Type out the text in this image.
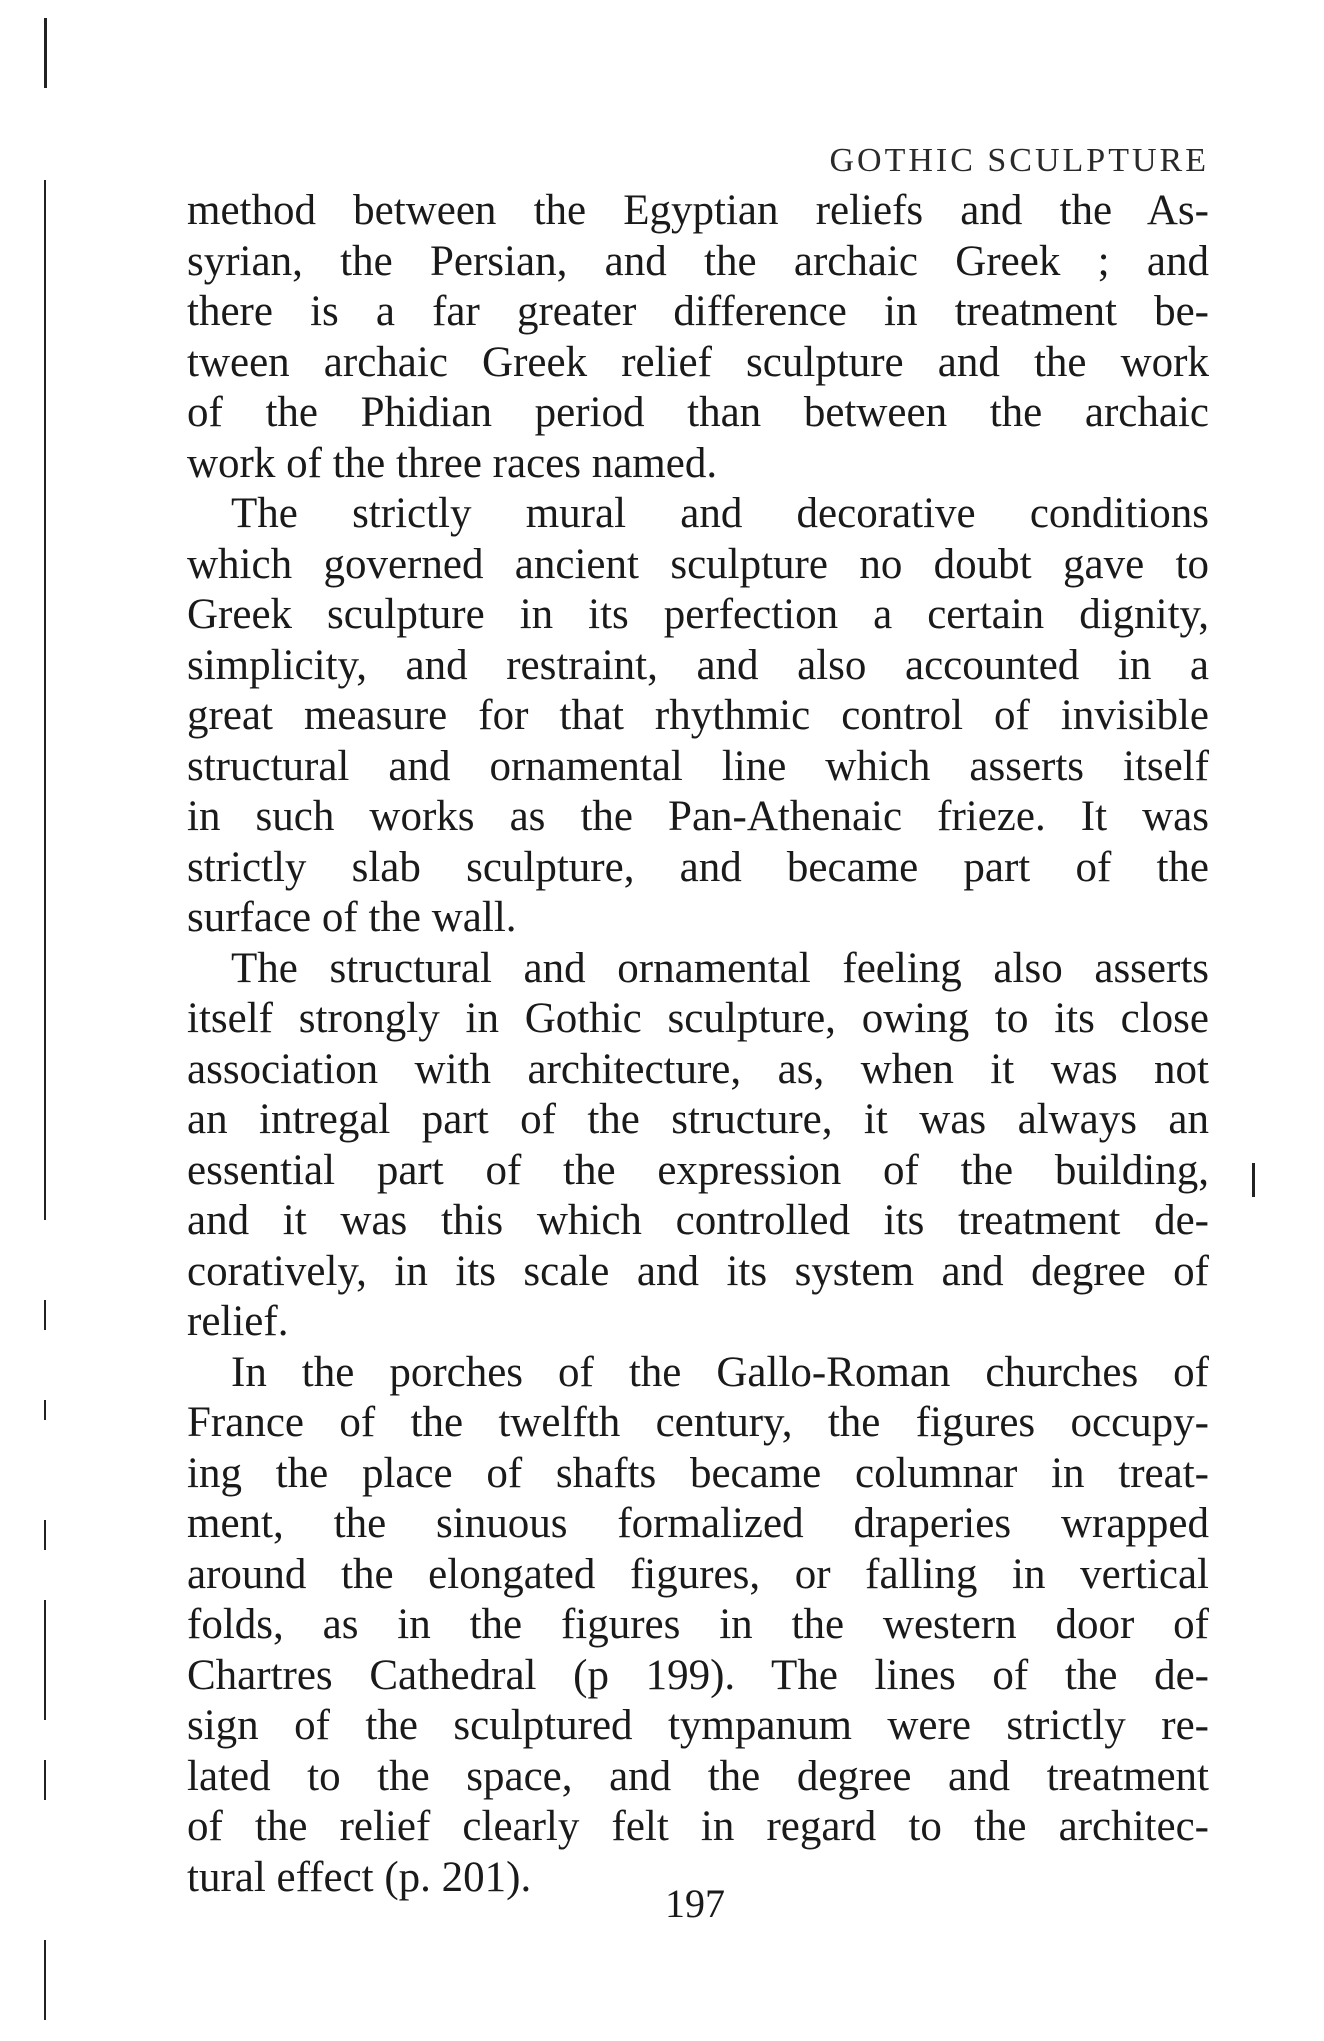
GOTHIC SCULPTURE

method between the Egyptian reliefs and the As-
syrian, the Persian, and the archaic Greek ; and
there is a far greater difference in treatment be-
tween archaic Greek relief sculpture and the work
of the Phidian period than between the archaic
work of the three races named.

The strictly mural and decorative conditions
which governed ancient sculpture no doubt gave to
Greek sculpture in its perfection a certain dignity,
simplicity, and restraint, and also accounted in a
great measure for that rhythmic control of invisible
structural and ornamental line which asserts itself
in such works as the Pan-Athenaic frieze. It was
strictly slab sculpture, and became part of the
surface of the wall.

The structural and ornamental feeling also asserts
itself strongly in Gothic sculpture, owing to its close
association with architecture, as, when it was not
an intregal part of the structure, it was always an
essential part of the expression of the building,
and it was this which controlled its treatment de-
coratively, in its scale and its system and degree of
relief.

In the porches of the Gallo-Roman churches of
France of the twelfth century, the figures occupy-
ing the place of shafts became columnar in treat-
ment, the sinuous formalized draperies wrapped
around the elongated figures, or falling in vertical
folds, as in the figures in the western door of
Chartres Cathedral (p 199). The lines of the de-
sign of the sculptured tympanum were strictly re-
lated to the space, and the degree and treatment
of the relief clearly felt in regard to the architec-
tural effect (p. 201).

197
